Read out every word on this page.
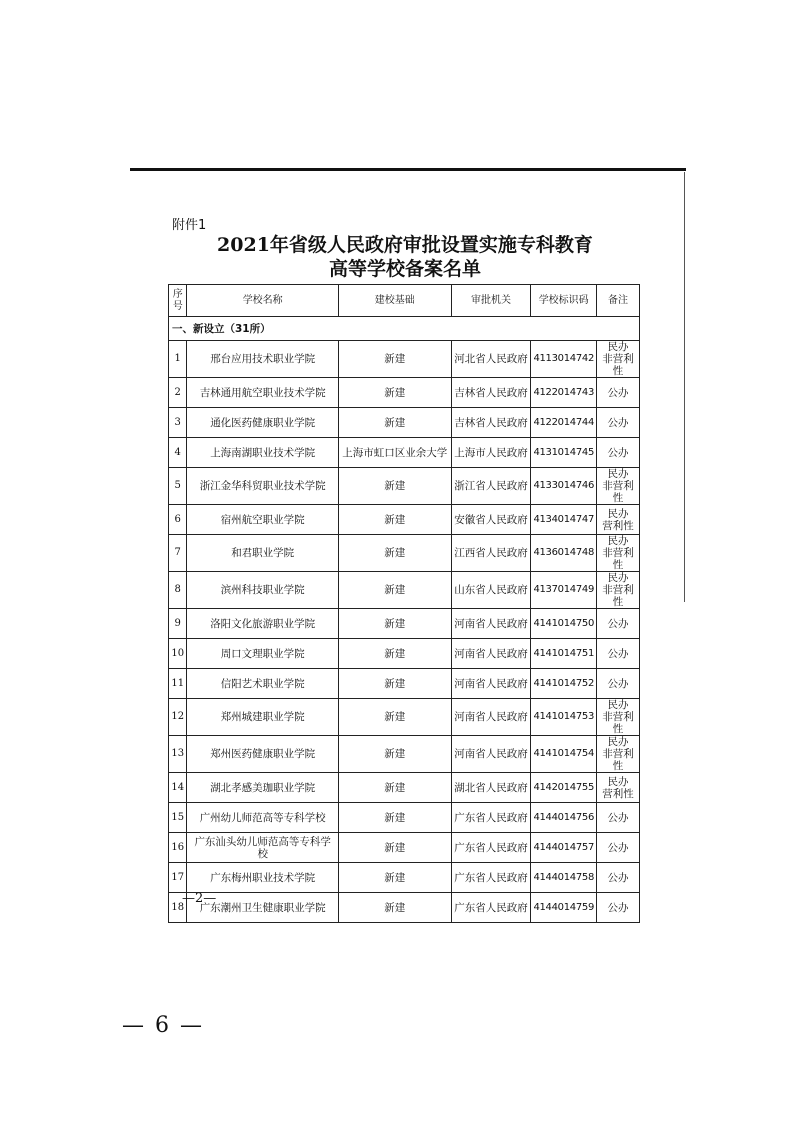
附件1
2021年省级人民政府审批设置实施专科教育
高等学校备案名单
序号	学校名称	建校基础	审批机关	学校标识码	备注
一、新设立（31所）					
1	邢台应用技术职业学院	新建	河北省人民政府	4113014742	民办
非营利性
2	吉林通用航空职业技术学院	新建	吉林省人民政府	4122014743	公办
3	通化医药健康职业学院	新建	吉林省人民政府	4122014744	公办
4	上海南湖职业技术学院	上海市虹口区业余大学	上海市人民政府	4131014745	公办
5	浙江金华科贸职业技术学院	新建	浙江省人民政府	4133014746	民办
非营利性
6	宿州航空职业学院	新建	安徽省人民政府	4134014747	民办
营利性
7	和君职业学院	新建	江西省人民政府	4136014748	民办
非营利性
8	滨州科技职业学院	新建	山东省人民政府	4137014749	民办
非营利性
9	洛阳文化旅游职业学院	新建	河南省人民政府	4141014750	公办
10	周口文理职业学院	新建	河南省人民政府	4141014751	公办
11	信阳艺术职业学院	新建	河南省人民政府	4141014752	公办
12	郑州城建职业学院	新建	河南省人民政府	4141014753	民办
非营利性
13	郑州医药健康职业学院	新建	河南省人民政府	4141014754	民办
非营利性
14	湖北孝感美珈职业学院	新建	湖北省人民政府	4142014755	民办
营利性
15	广州幼儿师范高等专科学校	新建	广东省人民政府	4144014756	公办
16	广东汕头幼儿师范高等专科学校	新建	广东省人民政府	4144014757	公办
17	广东梅州职业技术学院	新建	广东省人民政府	4144014758	公办
18	广东潮州卫生健康职业学院	新建	广东省人民政府	4144014759	公办
—2—
— 6 —
